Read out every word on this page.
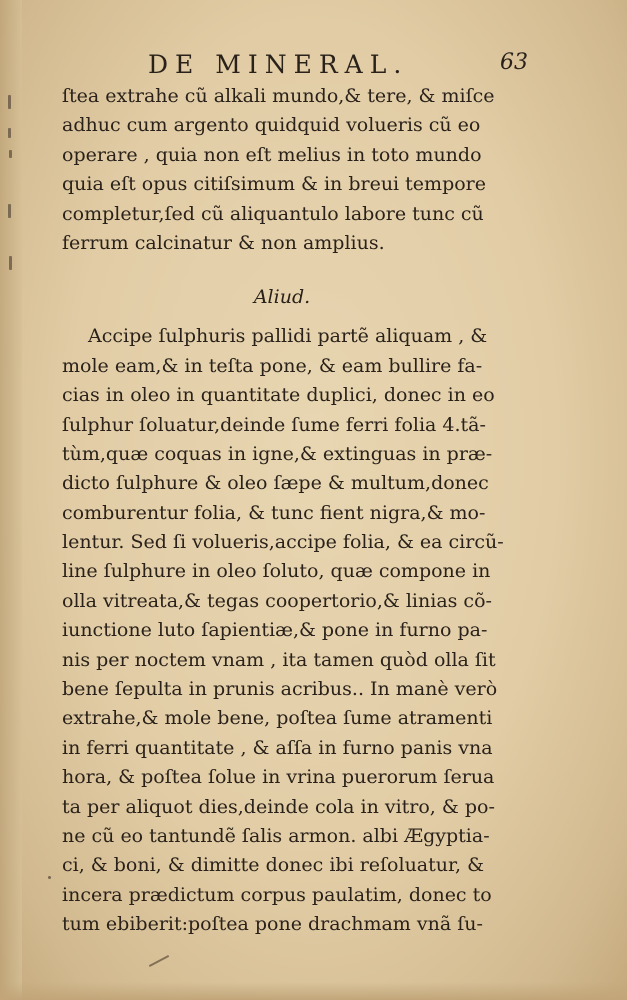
DE MINERAL.	63
ſtea extrahe cũ alkali mundo,& tere, & miſce
adhuc cum argento quidquid volueris cũ eo
operare , quia non eſt melius in toto mundo
quia eſt opus citiſsimum & in breui tempore
completur,ſed cũ aliquantulo labore tunc cũ
ferrum calcinatur & non amplius.
Aliud.
Accipe ſulphuris pallidi partẽ aliquam , &
mole eam,& in teſta pone, & eam bullire fa-
cias in oleo in quantitate duplici, donec in eo
ſulphur ſoluatur,deinde ſume ferri folia 4.tã-
tùm,quæ coquas in igne,& extinguas in præ-
dicto ſulphure & oleo ſæpe & multum,donec
comburentur folia, & tunc fient nigra,& mo-
lentur. Sed ſi volueris,accipe folia, & ea circũ-
line ſulphure in oleo ſoluto, quæ compone in
olla vitreata,& tegas coopertorio,& linias cõ-
iunctione luto ſapientiæ,& pone in furno pa-
nis per noctem vnam , ita tamen quòd olla ſit
bene ſepulta in prunis acribus.. In manè verò
extrahe,& mole bene, poſtea ſume atramenti
in ferri quantitate , & aſſa in furno panis vna
hora, & poſtea ſolue in vrina puerorum ſerua
ta per aliquot dies,deinde cola in vitro, & po-
ne cũ eo tantundẽ ſalis armon. albi Ægyptia-
ci, & boni, & dimitte donec ibi reſoluatur, &
incera prædictum corpus paulatim, donec to
tum ebiberit:poſtea pone drachmam vnã ſu-
